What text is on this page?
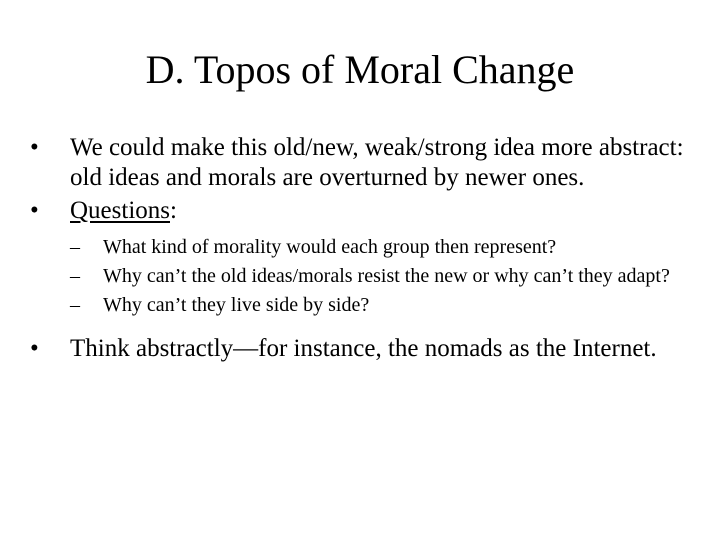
D. Topos of Moral Change
•	We could make this old/new, weak/strong idea more abstract: old ideas and morals are overturned by newer ones.
•	Questions:
– What kind of morality would each group then represent?
– Why can’t the old ideas/morals resist the new or why can’t they adapt?
– Why can’t they live side by side?
•	Think abstractly—for instance, the nomads as the Internet.
